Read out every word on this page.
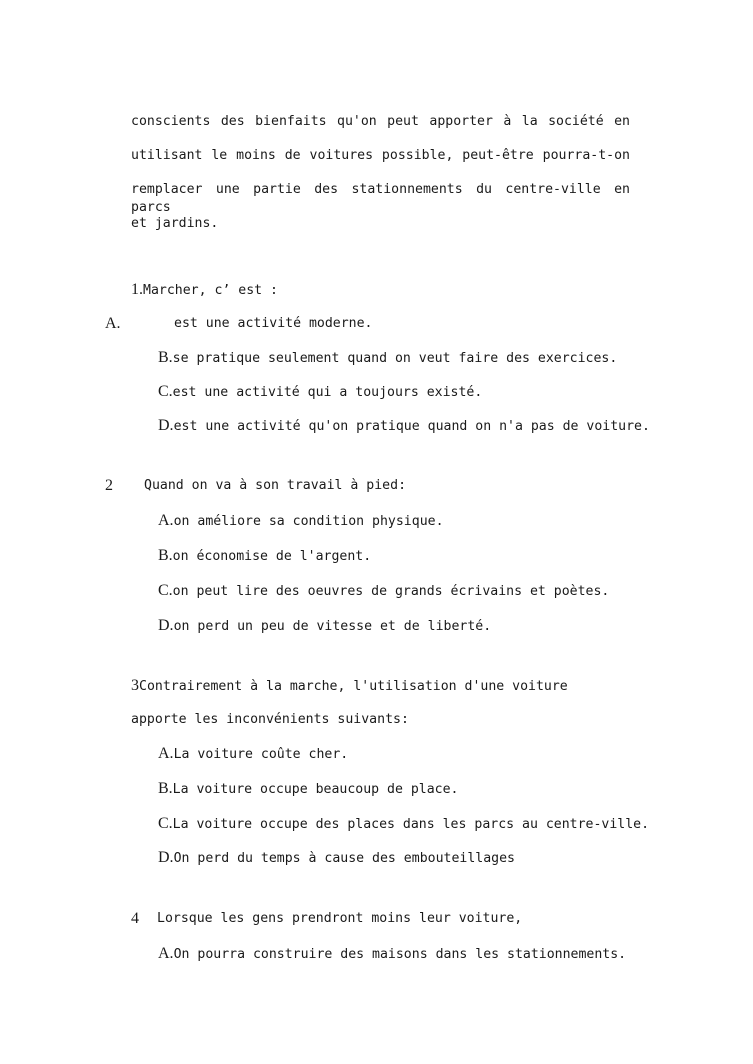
conscients des bienfaits qu'on peut apporter à la société en
utilisant le moins de voitures possible, peut-être pourra-t-on
remplacer une partie des stationnements du centre-ville en parcs
et jardins.
1.Marcher, c’ est :
A.	est une activité moderne.
B.se pratique seulement quand on veut faire des exercices.
C.est une activité qui a toujours existé.
D.est une activité qu'on pratique quand on n'a pas de voiture.
2 Quand on va à son travail à pied:
A.on améliore sa condition physique.
B.on économise de l'argent.
C.on peut lire des oeuvres de grands écrivains et poètes.
D.on perd un peu de vitesse et de liberté.
3Contrairement à la marche, l'utilisation d'une voiture
apporte les inconvénients suivants:
A.La voiture coûte cher.
B.La voiture occupe beaucoup de place.
C.La voiture occupe des places dans les parcs au centre-ville.
D.On perd du temps à cause des embouteillages
4 Lorsque les gens prendront moins leur voiture,
A.On pourra construire des maisons dans les stationnements.
